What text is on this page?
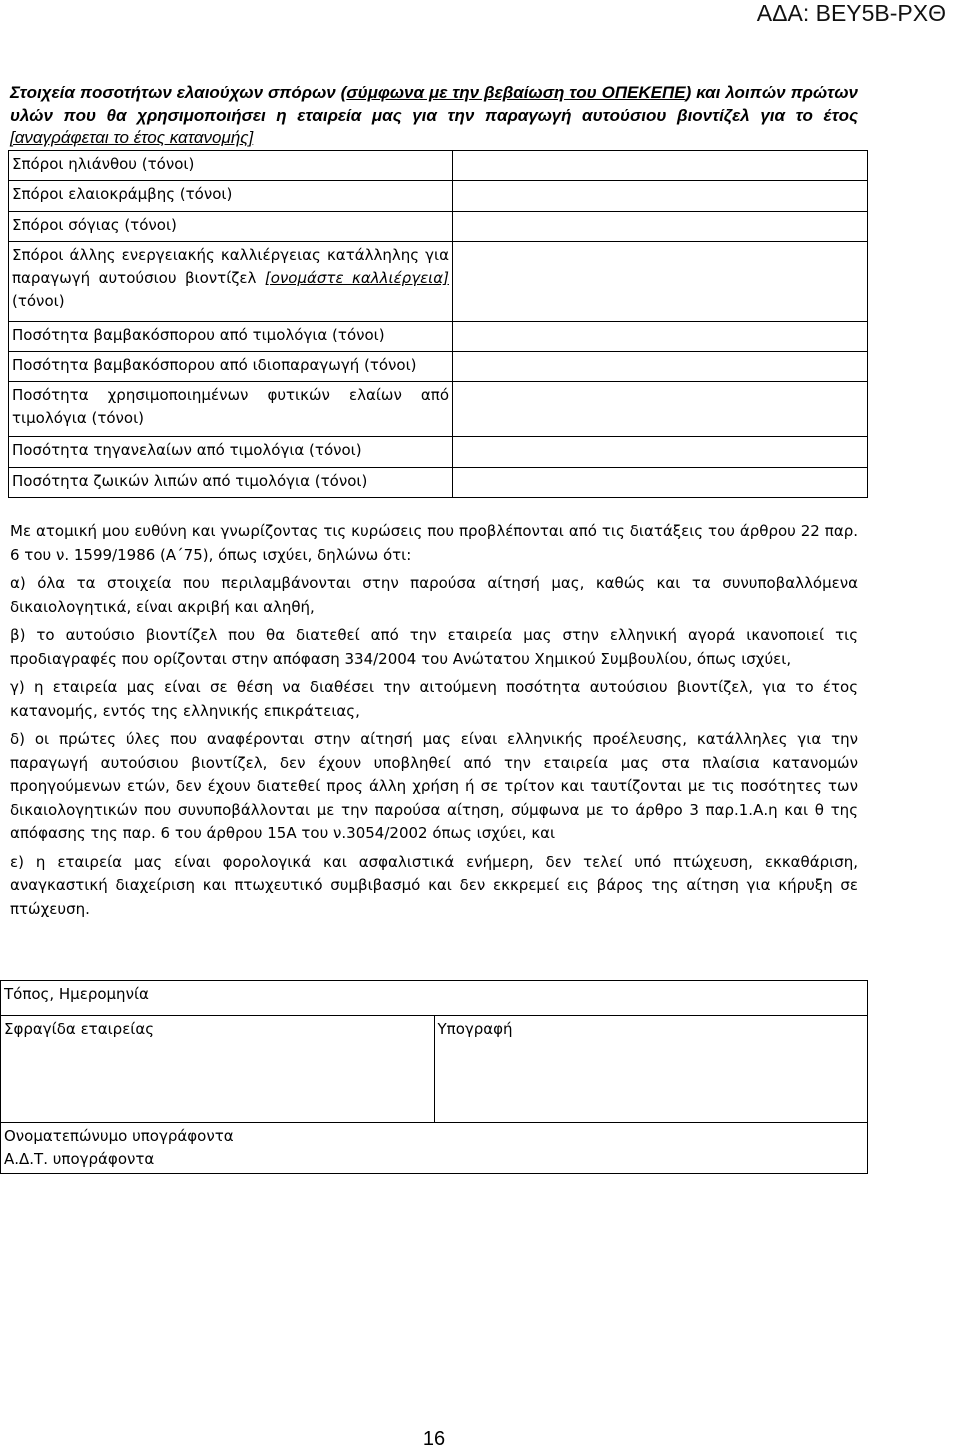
ΑΔΑ: ΒΕΥ5Β-ΡΧΘ
Στοιχεία ποσοτήτων ελαιούχων σπόρων (σύμφωνα με την βεβαίωση του ΟΠΕΚΕΠΕ) και λοιπών πρώτων υλών που θα χρησιμοποιήσει η εταιρεία μας για την παραγωγή αυτούσιου βιοντίζελ για το έτος [αναγράφεται το έτος κατανομής]
Σπόροι ηλιάνθου (τόνοι)	
Σπόροι ελαιοκράμβης (τόνοι)	
Σπόροι σόγιας (τόνοι)	
Σπόροι άλλης ενεργειακής καλλιέργειας κατάλληλης για παραγωγή αυτούσιου βιοντίζελ [ονομάστε καλλιέργεια] (τόνοι)	
Ποσότητα βαμβακόσπορου από τιμολόγια (τόνοι)	
Ποσότητα βαμβακόσπορου από ιδιοπαραγωγή (τόνοι)	
Ποσότητα χρησιμοποιημένων φυτικών ελαίων από τιμολόγια (τόνοι)	
Ποσότητα τηγανελαίων από τιμολόγια (τόνοι)	
Ποσότητα ζωικών λιπών από τιμολόγια (τόνοι)	

Με ατομική μου ευθύνη και γνωρίζοντας τις κυρώσεις που προβλέπονται από τις διατάξεις του άρθρου 22 παρ. 6 του ν. 1599/1986 (Α΄75), όπως ισχύει, δηλώνω ότι:

α) όλα τα στοιχεία που περιλαμβάνονται στην παρούσα αίτησή μας, καθώς και τα συνυποβαλλόμενα δικαιολογητικά, είναι ακριβή και αληθή,

β) το αυτούσιο βιοντίζελ που θα διατεθεί από την εταιρεία μας στην ελληνική αγορά ικανοποιεί τις προδιαγραφές που ορίζονται στην απόφαση 334/2004 του Ανώτατου Χημικού Συμβουλίου, όπως ισχύει,

γ) η εταιρεία μας είναι σε θέση να διαθέσει την αιτούμενη ποσότητα αυτούσιου βιοντίζελ, για το έτος κατανομής, εντός της ελληνικής επικράτειας,

δ) οι πρώτες ύλες που αναφέρονται στην αίτησή μας είναι ελληνικής προέλευσης, κατάλληλες για την παραγωγή αυτούσιου βιοντίζελ, δεν έχουν υποβληθεί από την εταιρεία μας στα πλαίσια κατανομών προηγούμενων ετών, δεν έχουν διατεθεί προς άλλη χρήση ή σε τρίτον και ταυτίζονται με τις ποσότητες των δικαιολογητικών που συνυποβάλλονται με την παρούσα αίτηση, σύμφωνα με το άρθρο 3 παρ.1.Α.η και θ της απόφασης της παρ. 6 του άρθρου 15Α του ν.3054/2002 όπως ισχύει, και

ε) η εταιρεία μας είναι φορολογικά και ασφαλιστικά ενήμερη, δεν τελεί υπό πτώχευση, εκκαθάριση, αναγκαστική διαχείριση και πτωχευτικό συμβιβασμό και δεν εκκρεμεί εις βάρος της αίτηση για κήρυξη σε πτώχευση.

Τόπος, Ημερομηνία
Σφραγίδα εταιρείας	Υπογραφή

Ονοματεπώνυμο υπογράφοντα
Α.Δ.Τ. υπογράφοντα
16
